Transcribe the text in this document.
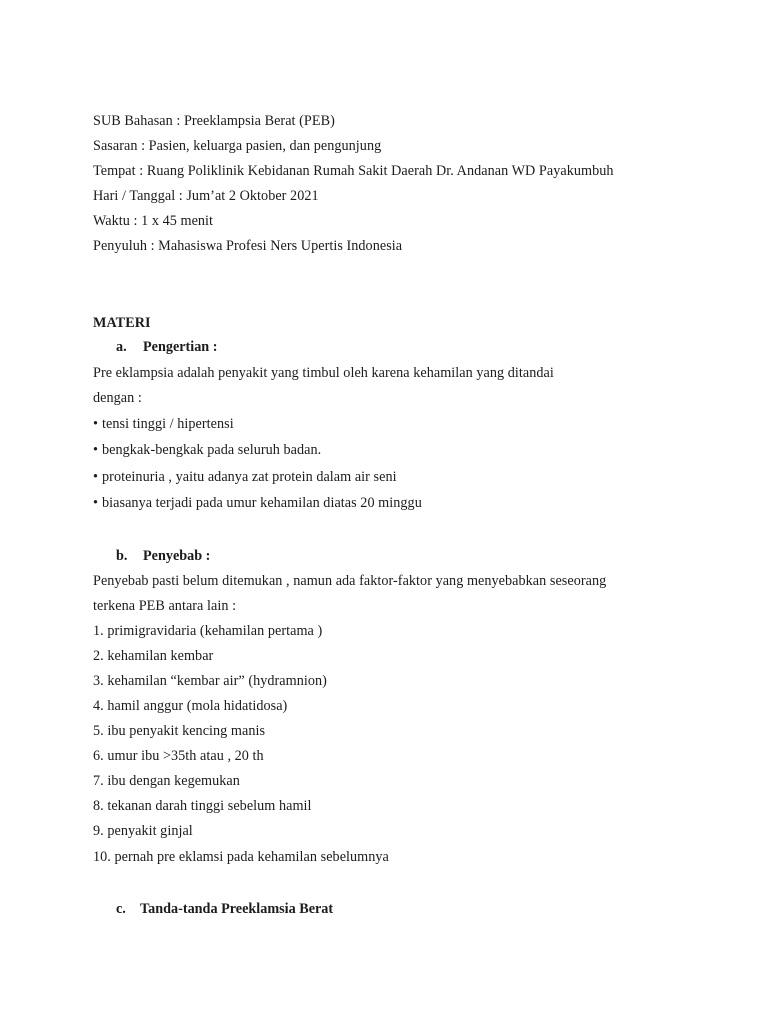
SUB Bahasan : Preeklampsia Berat (PEB)
Sasaran : Pasien, keluarga pasien, dan pengunjung
Tempat : Ruang Poliklinik Kebidanan Rumah Sakit Daerah Dr. Andanan WD Payakumbuh
Hari / Tanggal : Jum’at 2 Oktober 2021
Waktu : 1 x 45 menit
Penyuluh : Mahasiswa Profesi Ners Upertis Indonesia
MATERI
a. Pengertian :
Pre eklampsia adalah penyakit yang timbul oleh karena kehamilan yang ditandai
dengan :
• tensi tinggi / hipertensi
• bengkak-bengkak pada seluruh badan.
• proteinuria , yaitu adanya zat protein dalam air seni
• biasanya terjadi pada umur kehamilan diatas 20 minggu
b. Penyebab :
Penyebab pasti belum ditemukan , namun ada faktor-faktor yang menyebabkan seseorang
terkena PEB antara lain :
1. primigravidaria (kehamilan pertama )
2. kehamilan kembar
3. kehamilan “kembar air” (hydramnion)
4. hamil anggur (mola hidatidosa)
5. ibu penyakit kencing manis
6. umur ibu >35th atau , 20 th
7. ibu dengan kegemukan
8. tekanan darah tinggi sebelum hamil
9. penyakit ginjal
10. pernah pre eklamsi pada kehamilan sebelumnya
c. Tanda-tanda Preeklamsia Berat
